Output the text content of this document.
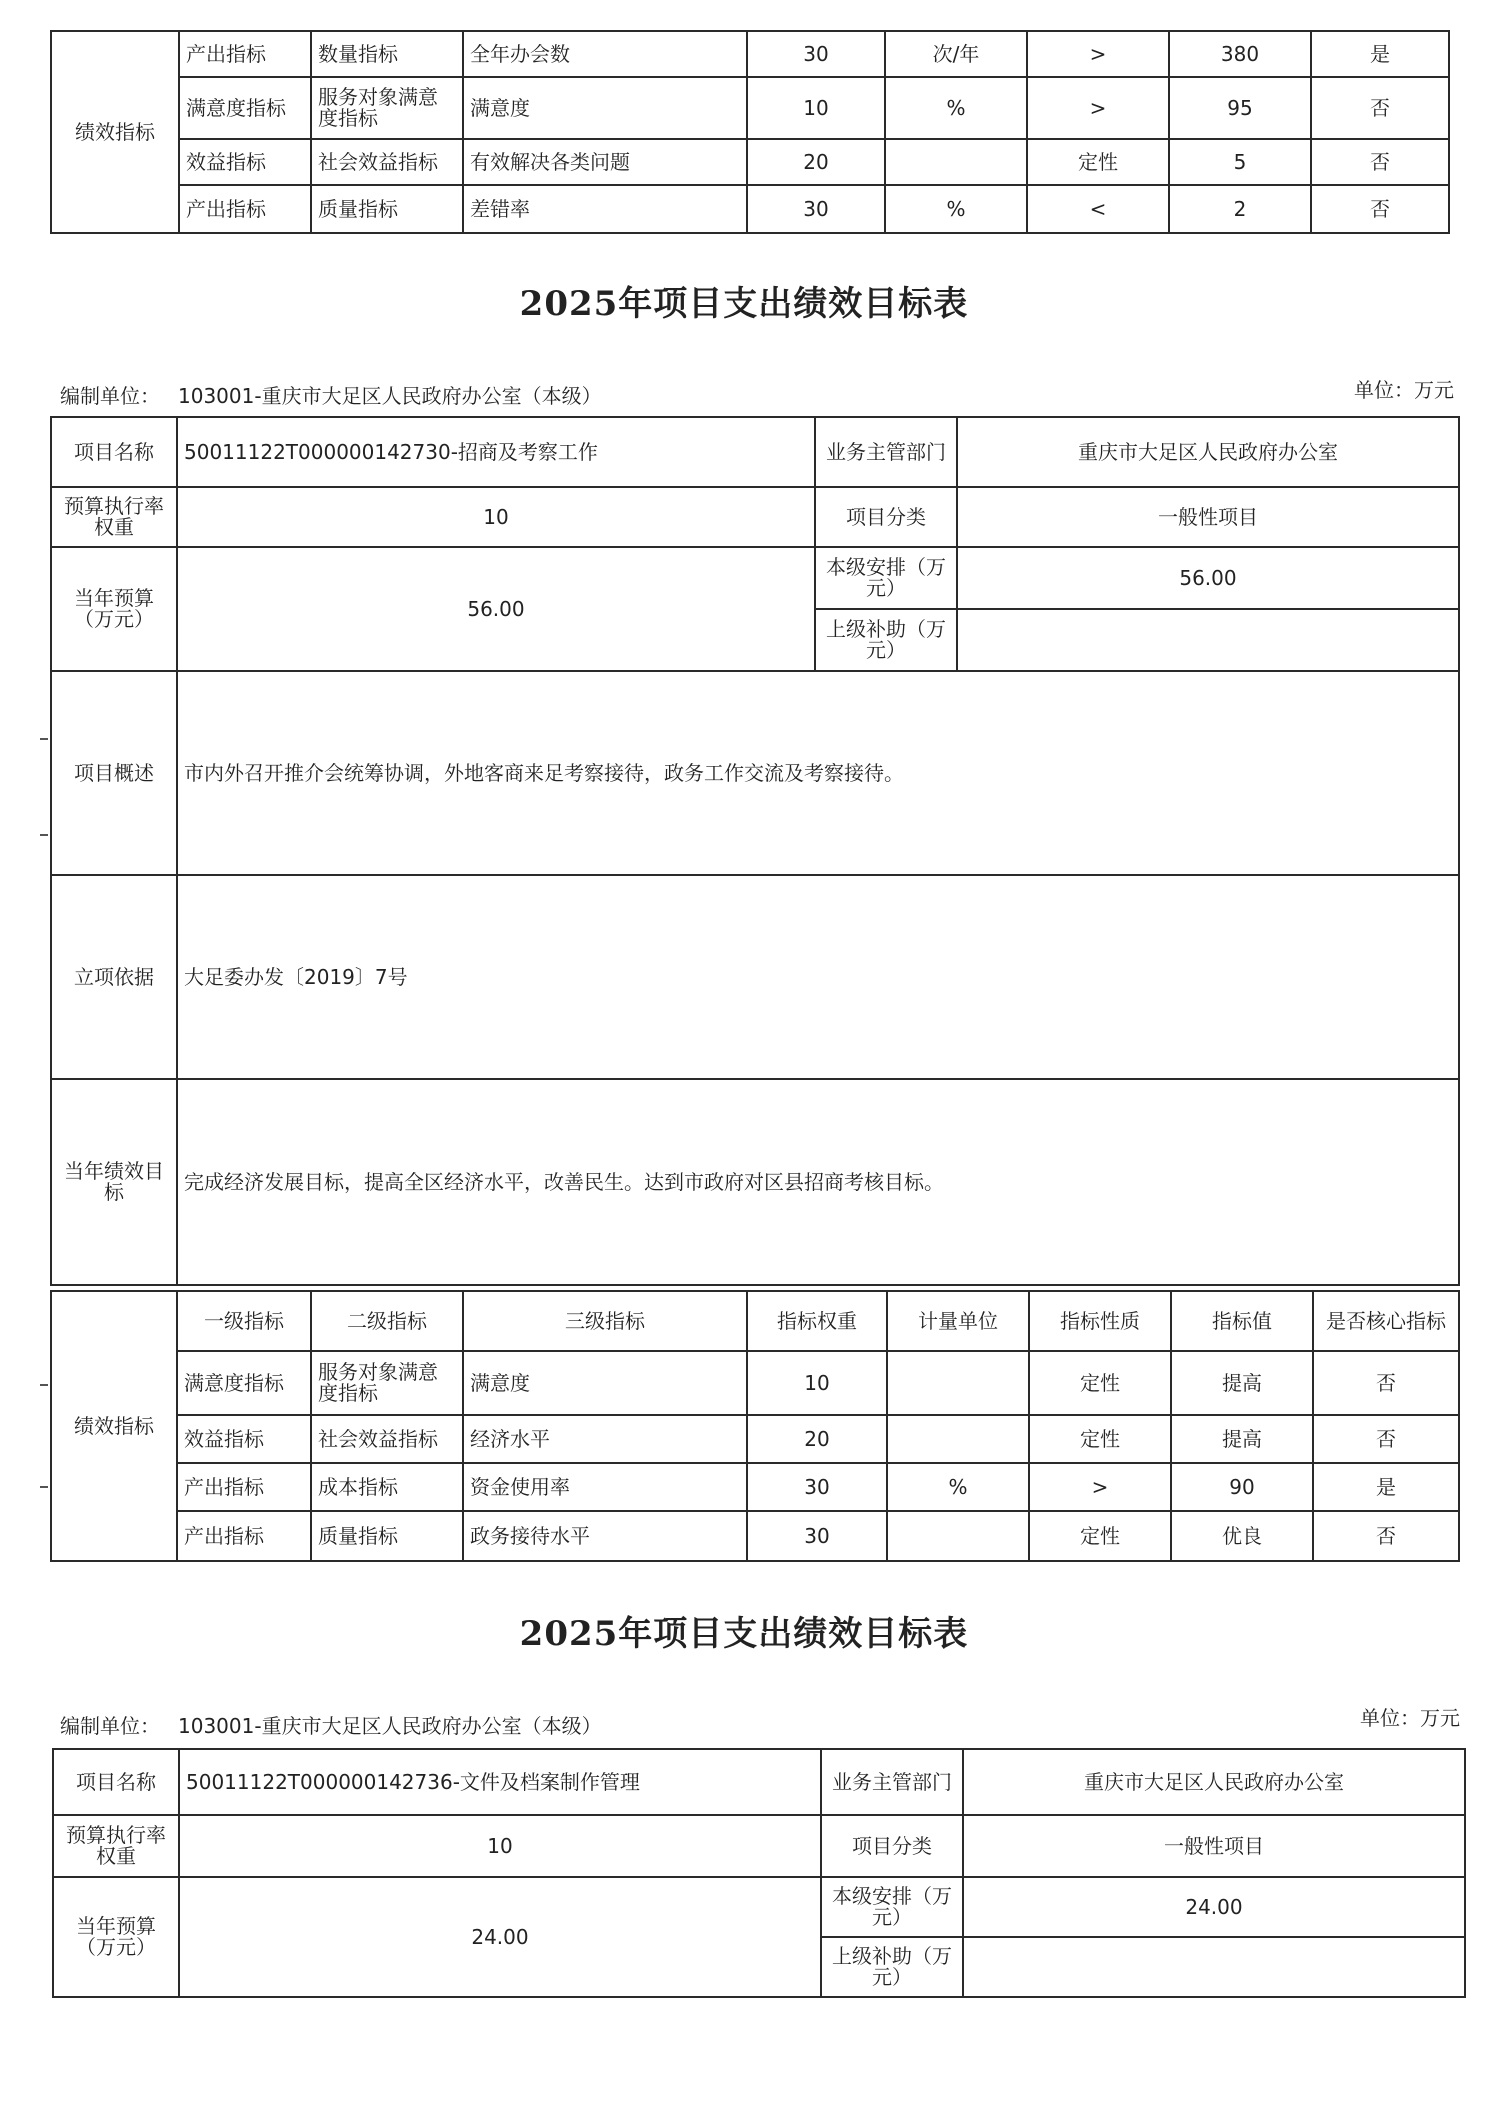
绩效指标	产出指标	数量指标	全年办会数	30	次/年	>	380	是
	满意度指标	服务对象满意度指标	满意度	10	%	>	95	否
	效益指标	社会效益指标	有效解决各类问题	20		定性	5	否
	产出指标	质量指标	差错率	30	%	<	2	否
2025年项目支出绩效目标表
编制单位： 103001-重庆市大足区人民政府办公室（本级）	单位：万元
项目名称	50011122T000000142730-招商及考察工作	业务主管部门	重庆市大足区人民政府办公室
预算执行率权重	10	项目分类	一般性项目
当年预算（万元）	56.00	本级安排（万元）	56.00
		上级补助（万元）	
项目概述	市内外召开推介会统筹协调，外地客商来足考察接待，政务工作交流及考察接待。		
立项依据	大足委办发〔2019〕7号		
当年绩效目标	完成经济发展目标，提高全区经济水平，改善民生。达到市政府对区县招商考核目标。		
绩效指标	一级指标	二级指标	三级指标	指标权重	计量单位	指标性质	指标值	是否核心指标
	满意度指标	服务对象满意度指标	满意度	10		定性	提高	否
	效益指标	社会效益指标	经济水平	20		定性	提高	否
	产出指标	成本指标	资金使用率	30	%	>	90	是
	产出指标	质量指标	政务接待水平	30		定性	优良	否
2025年项目支出绩效目标表
编制单位： 103001-重庆市大足区人民政府办公室（本级）	单位：万元
项目名称	50011122T000000142736-文件及档案制作管理	业务主管部门	重庆市大足区人民政府办公室
预算执行率权重	10	项目分类	一般性项目
当年预算（万元）	24.00	本级安排（万元）	24.00
		上级补助（万元）	
